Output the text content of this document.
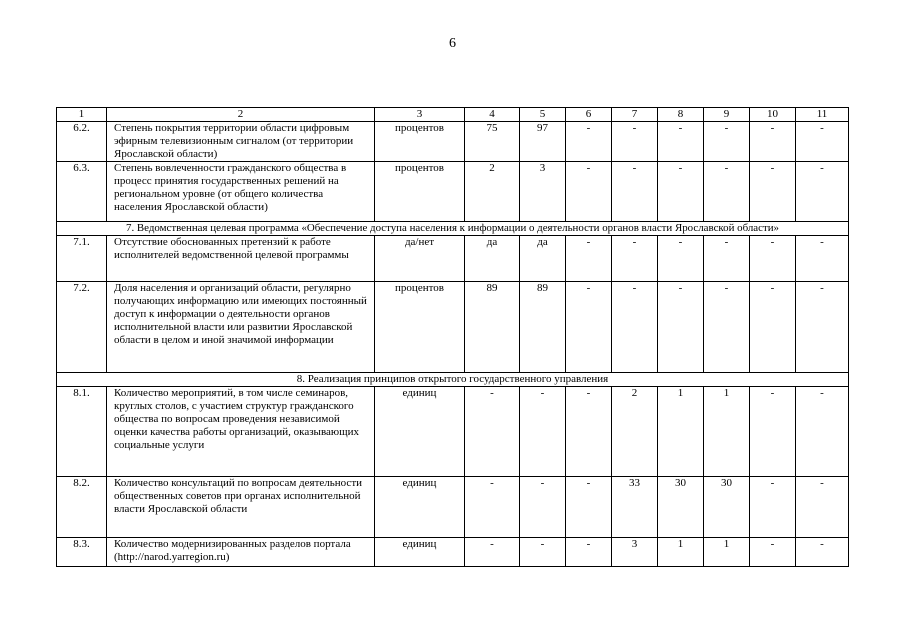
6
1	2	3	4	5	6	7	8	9	10	11
6.2.	Степень покрытия территории области цифровым эфирным телевизионным сигналом (от территории Ярославской области)	процентов	75	97	-	-	-	-	-	-
6.3.	Степень вовлеченности гражданского общества в процесс принятия государственных решений на региональном уровне (от общего количества населения Ярославской области)	процентов	2	3	-	-	-	-	-	-
7. Ведомственная целевая программа «Обеспечение доступа населения к информации о деятельности органов власти Ярославской области»										
7.1.	Отсутствие обоснованных претензий к работе исполнителей ведомственной целевой программы	да/нет	да	да	-	-	-	-	-	-
7.2.	Доля населения и организаций области, регулярно получающих информацию или имеющих постоянный доступ к информации о деятельности органов исполнительной власти или развитии Ярославской области в целом и иной значимой информации	процентов	89	89	-	-	-	-	-	-
8. Реализация принципов открытого государственного управления										
8.1.	Количество мероприятий, в том числе семинаров, круглых столов, с участием структур гражданского общества по вопросам проведения независимой оценки качества работы организаций, оказывающих социальные услуги	единиц	-	-	-	2	1	1	-	-
8.2.	Количество консультаций по вопросам деятельности общественных советов при органах исполнительной власти Ярославской области	единиц	-	-	-	33	30	30	-	-
8.3.	Количество модернизированных разделов портала (http://narod.yarregion.ru)	единиц	-	-	-	3	1	1	-	-
